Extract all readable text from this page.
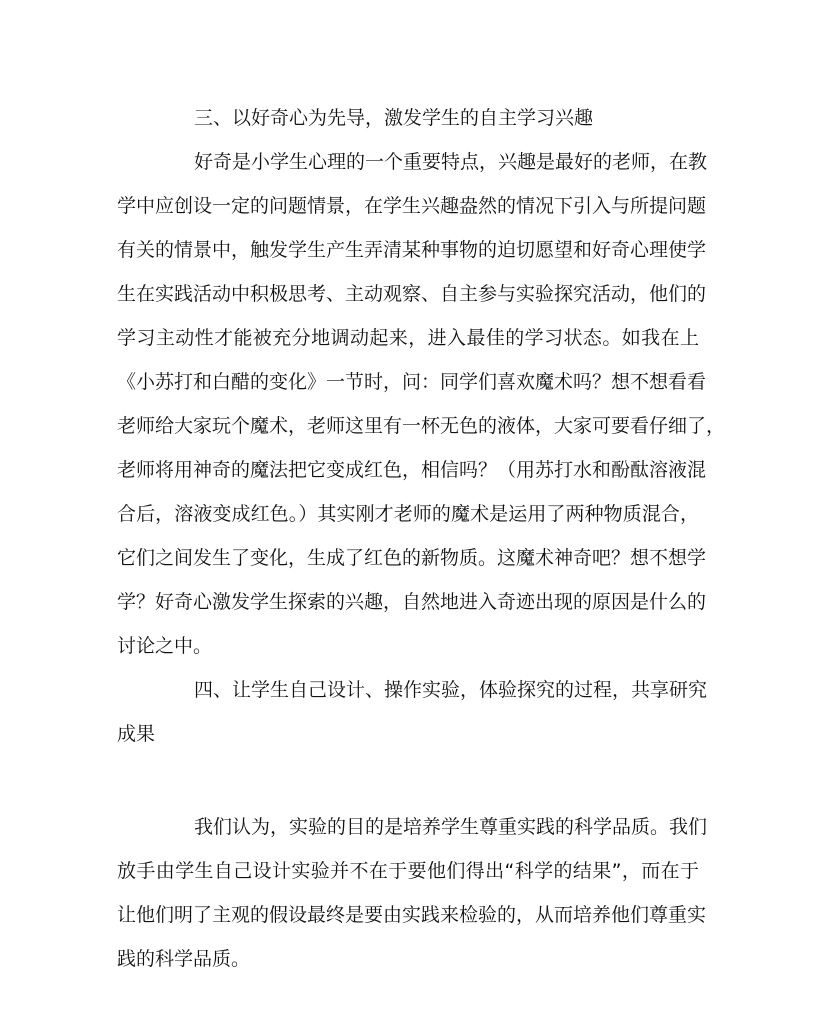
三、以好奇心为先导，激发学生的自主学习兴趣

好奇是小学生心理的一个重要特点，兴趣是最好的老师，在教

学中应创设一定的问题情景，在学生兴趣盎然的情况下引入与所提问题

有关的情景中，触发学生产生弄清某种事物的迫切愿望和好奇心理使学

生在实践活动中积极思考、主动观察、自主参与实验探究活动，他们的

学习主动性才能被充分地调动起来，进入最佳的学习状态。如我在上

《小苏打和白醋的变化》一节时，问：同学们喜欢魔术吗？想不想看看

老师给大家玩个魔术，老师这里有一杯无色的液体，大家可要看仔细了，

老师将用神奇的魔法把它变成红色，相信吗？（用苏打水和酚酞溶液混

合后，溶液变成红色。）其实刚才老师的魔术是运用了两种物质混合，

它们之间发生了变化，生成了红色的新物质。这魔术神奇吧？想不想学

学？好奇心激发学生探索的兴趣，自然地进入奇迹出现的原因是什么的

讨论之中。

四、让学生自己设计、操作实验，体验探究的过程，共享研究

成果

我们认为，实验的目的是培养学生尊重实践的科学品质。我们

放手由学生自己设计实验并不在于要他们得出“科学的结果”，而在于

让他们明了主观的假设最终是要由实践来检验的，从而培养他们尊重实

践的科学品质。
